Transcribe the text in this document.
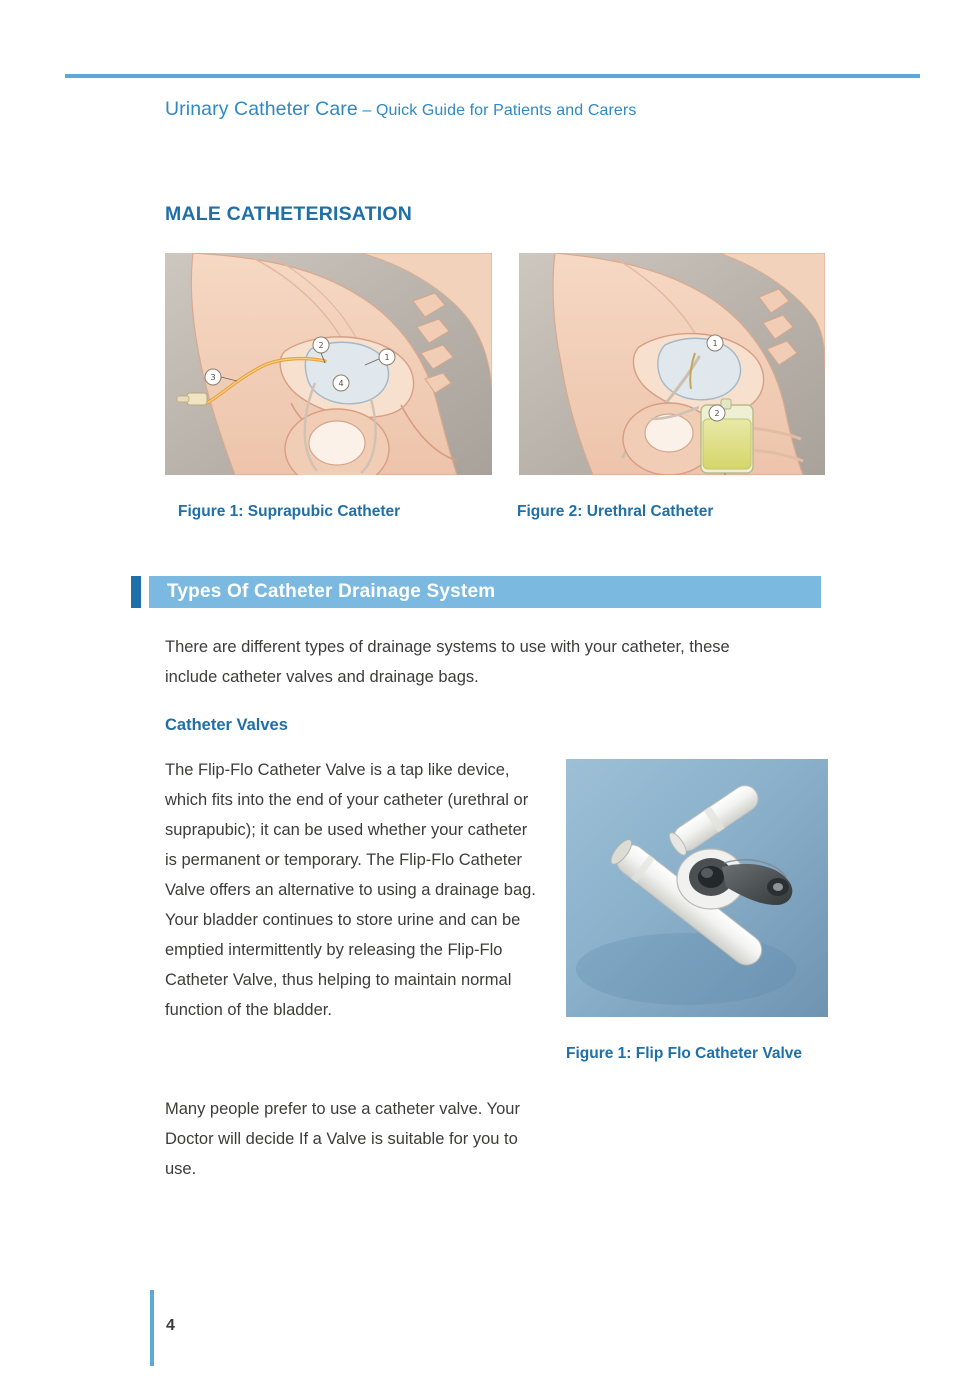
Urinary Catheter Care – Quick Guide for Patients and Carers
MALE CATHETERISATION
2
1
3
4
1
2
Figure 1: Suprapubic Catheter	Figure 2: Urethral Catheter
Types Of Catheter Drainage System
There are different types of drainage systems to use with your catheter, these include catheter valves and drainage bags.
Catheter Valves
The Flip-Flo Catheter Valve is a tap like device, which fits into the end of your catheter (urethral or suprapubic); it can be used whether your catheter is permanent or temporary. The Flip-Flo Catheter Valve offers an alternative to using a drainage bag. Your bladder continues to store urine and can be emptied intermittently by releasing the Flip-Flo Catheter Valve, thus helping to maintain normal function of the bladder.
Many people prefer to use a catheter valve. Your Doctor will decide If a Valve is suitable for you to use.
Figure 1: Flip Flo Catheter Valve
4
